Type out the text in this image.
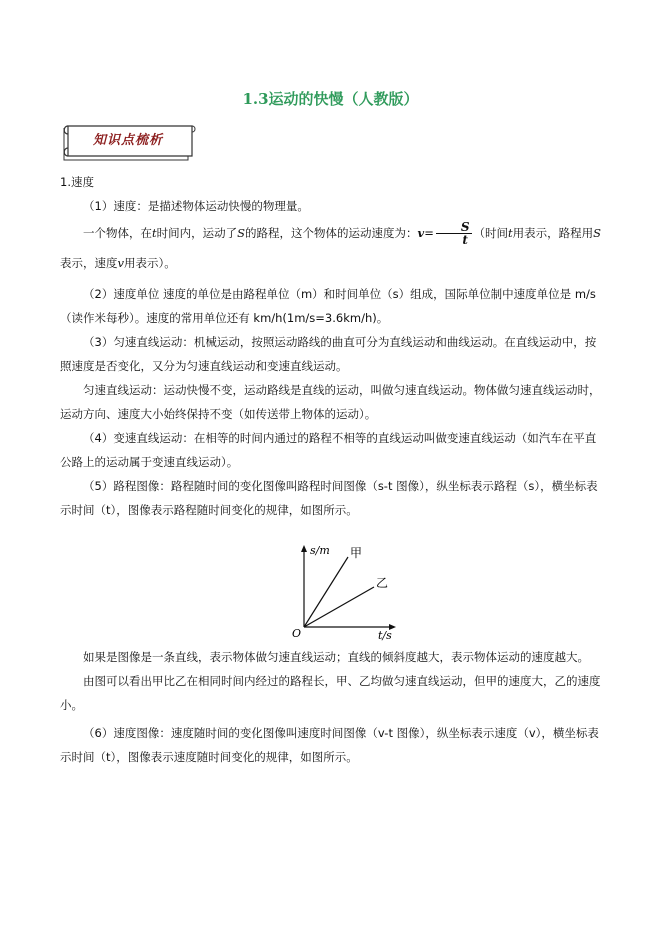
1.3运动的快慢（人教版）
知识点梳析

1.速度

（1）速度：是描述物体运动快慢的物理量。

一个物体，在t时间内，运动了S的路程，这个物体的运动速度为：$v= \frac{S}{t}$ （时间t用表示，路程用S表示，速度v用表示）。

（2）速度单位 速度的单位是由路程单位（m）和时间单位（s）组成，国际单位制中速度单位是 m/s（读作米每秒）。速度的常用单位还有 km/h(1m/s=3.6km/h)。

（3）匀速直线运动：机械运动，按照运动路线的曲直可分为直线运动和曲线运动。在直线运动中，按照速度是否变化，又分为匀速直线运动和变速直线运动。

匀速直线运动：运动快慢不变，运动路线是直线的运动，叫做匀速直线运动。物体做匀速直线运动时，运动方向、速度大小始终保持不变（如传送带上物体的运动）。

（4）变速直线运动：在相等的时间内通过的路程不相等的直线运动叫做变速直线运动（如汽车在平直公路上的运动属于变速直线运动）。

（5）路程图像：路程随时间的变化图像叫路程时间图像（s-t 图像），纵坐标表示路程（s），横坐标表示时间（t），图像表示路程随时间变化的规律，如图所示。

s/m
t/s
O
甲
乙

如果是图像是一条直线，表示物体做匀速直线运动；直线的倾斜度越大，表示物体运动的速度越大。

由图可以看出甲比乙在相同时间内经过的路程长，甲、乙均做匀速直线运动，但甲的速度大，乙的速度小。

（6）速度图像：速度随时间的变化图像叫速度时间图像（v-t 图像），纵坐标表示速度（v），横坐标表示时间（t），图像表示速度随时间变化的规律，如图所示。
